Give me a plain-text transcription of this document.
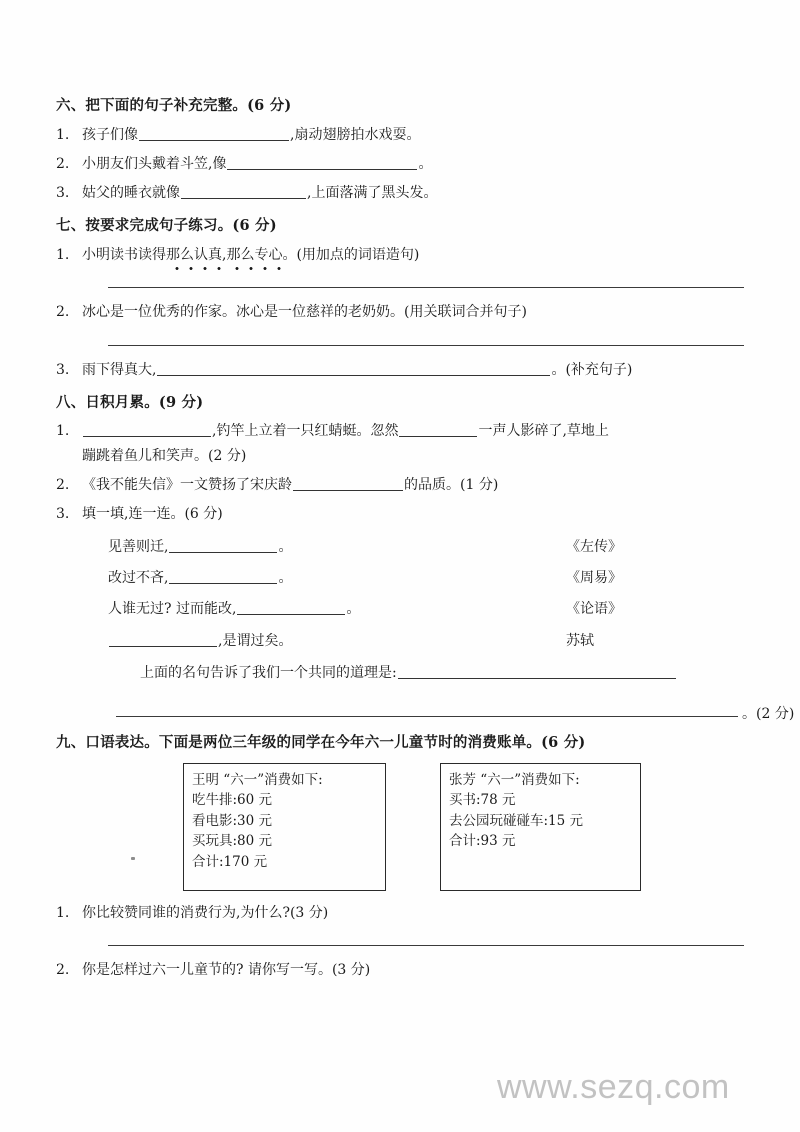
六、把下面的句子补充完整。(6 分)
1. 孩子们像	,扇动翅膀拍水戏耍。
2. 小朋友们头戴着斗笠,像	。
3. 姑父的睡衣就像	,上面落满了黑头发。
七、按要求完成句子练习。(6 分)
1. 小明读书读得那么认真,那么专心。(用加点的词语造句)
2. 冰心是一位优秀的作家。冰心是一位慈祥的老奶奶。(用关联词合并句子)
3. 雨下得真大,	。(补充句子)
八、日积月累。(9 分)
1.	,钓竿上立着一只红蜻蜓。忽然	一声人影碎了,草地上
蹦跳着鱼儿和笑声。(2 分)
2. 《我不能失信》一文赞扬了宋庆龄	的品质。(1 分)
3. 填一填,连一连。(6 分)
见善则迁,	。	《左传》
改过不吝,	。	《周易》
人谁无过? 过而能改,	。	《论语》
,是谓过矣。	苏轼
上面的名句告诉了我们一个共同的道理是:
。(2 分)
九、口语表达。下面是两位三年级的同学在今年六一儿童节时的消费账单。(6 分)
王明 “六一”消费如下:
吃牛排:60 元
看电影:30 元
买玩具:80 元
合计:170 元
张芳 “六一”消费如下:
买书:78 元
去公园玩碰碰车:15 元
合计:93 元
1. 你比较赞同谁的消费行为,为什么?(3 分)
2. 你是怎样过六一儿童节的? 请你写一写。(3 分)
www.sezq.com
